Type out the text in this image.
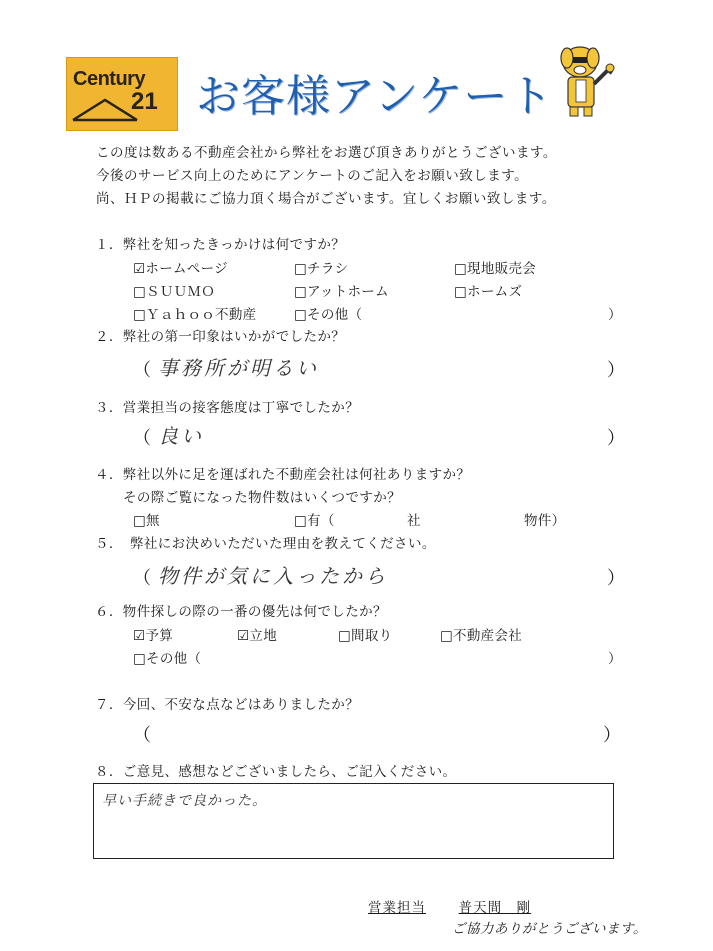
Century
21 お客様アンケート
この度は数ある不動産会社から弊社をお選び頂きありがとうございます。
今後のサービス向上のためにアンケートのご記入をお願い致します。
尚、ＨＰの掲載にご協力頂く場合がございます。宜しくお願い致します。
１．弊社を知ったきっかけは何ですか？
☑ホームページ	□チラシ	□現地販売会
□ＳＵＵＭＯ	□アットホーム	□ホームズ
□Ｙａｈｏｏ不動産	□その他（	）
２．弊社の第一印象はいかがでしたか？
（ 事務所が明るい	）
３．営業担当の接客態度は丁寧でしたか？
（ 良い	）
４．弊社以外に足を運ばれた不動産会社は何社ありますか？
その際ご覧になった物件数はいくつですか？
□無	□有（	社	物件）
５．　弊社にお決めいただいた理由を教えてください。
（ 物件が気に入ったから	）
６．物件探しの際の一番の優先は何でしたか？
☑予算	☑立地	□間取り	□不動産会社
□その他（	）
７．今回、不安な点などはありましたか？
（	）
８．ご意見、感想などございましたら、ご記入ください。
早い手続きで良かった。
営業担当 普天間　剛
ご協力ありがとうございます。
